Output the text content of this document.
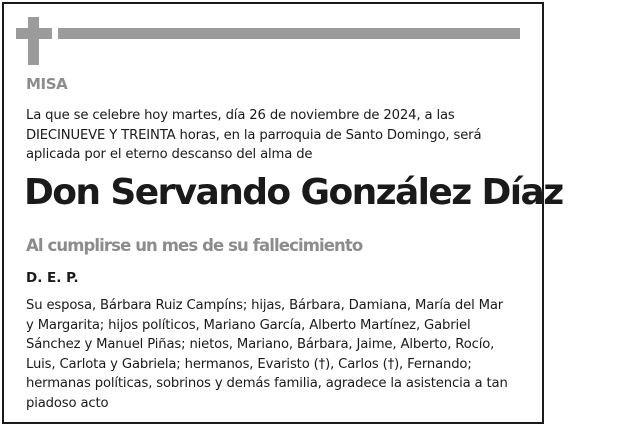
MISA

La que se celebre hoy martes, día 26 de noviembre de 2024, a las
DIECINUEVE Y TREINTA horas, en la parroquia de Santo Domingo, será
aplicada por el eterno descanso del alma de

Don Servando González Díaz
Al cumplirse un mes de su fallecimiento
D. E. P.

Su esposa, Bárbara Ruiz Campíns; hijas, Bárbara, Damiana, María del Mar
y Margarita; hijos políticos, Mariano García, Alberto Martínez, Gabriel
Sánchez y Manuel Piñas; nietos, Mariano, Bárbara, Jaime, Alberto, Rocío,
Luis, Carlota y Gabriela; hermanos, Evaristo (†), Carlos (†), Fernando;
hermanas políticas, sobrinos y demás familia, agradece la asistencia a tan
piadoso acto
